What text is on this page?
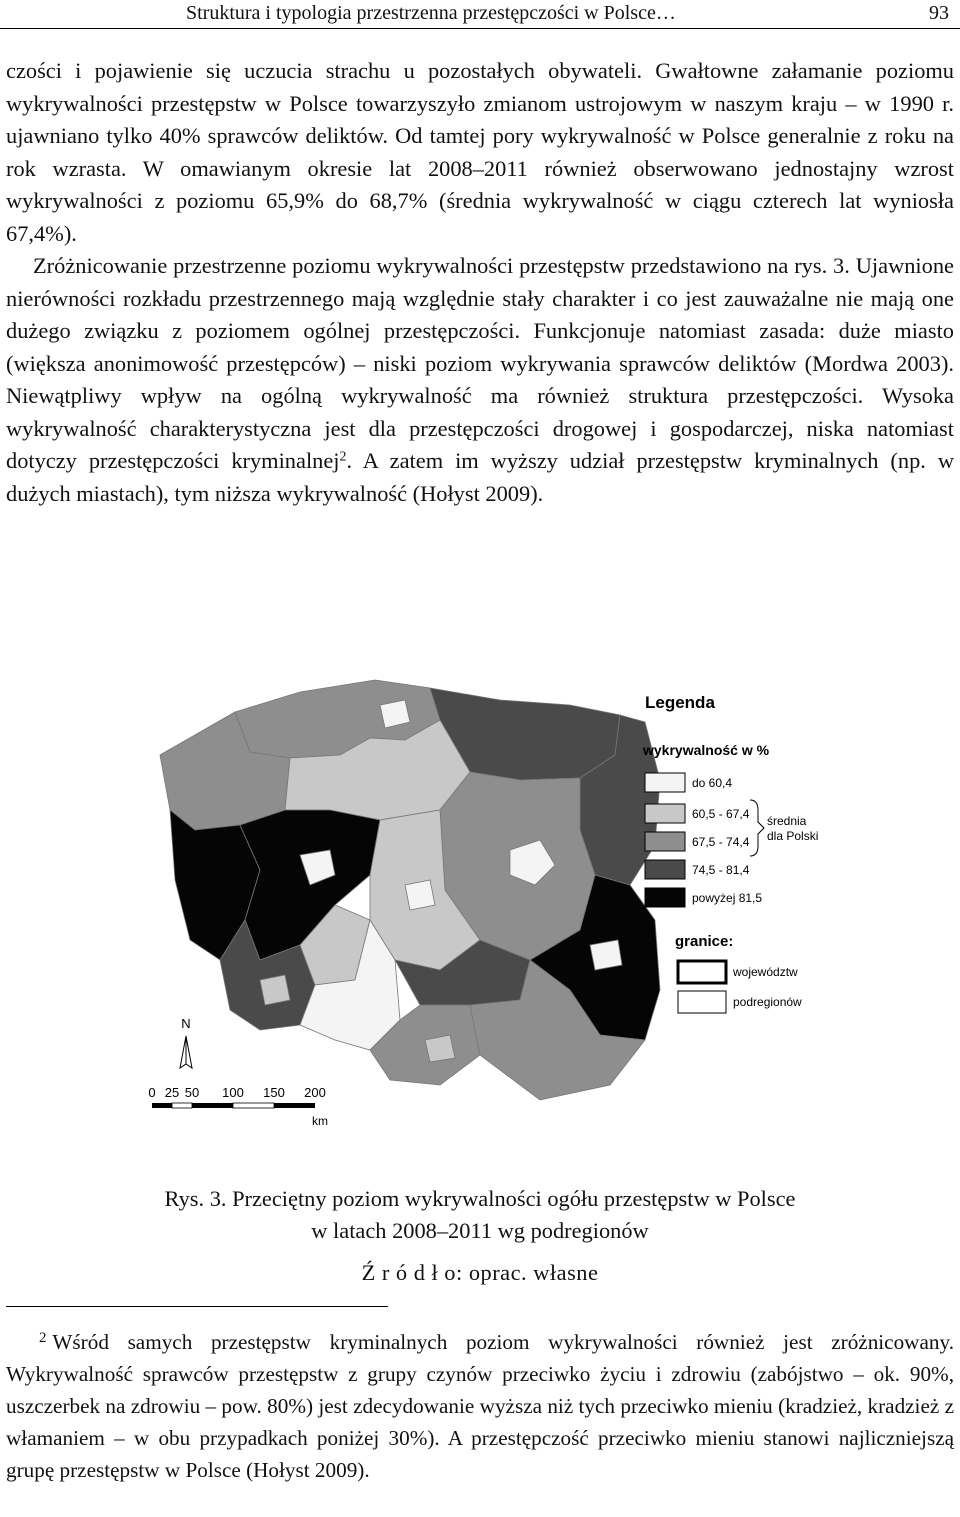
Struktura i typologia przestrzenna przestępczości w Polsce…	93

czości i pojawienie się uczucia strachu u pozostałych obywateli. Gwałtowne załamanie poziomu wykrywalności przestępstw w Polsce towarzyszyło zmianom ustrojowym w naszym kraju – w 1990 r. ujawniano tylko 40% sprawców deliktów. Od tamtej pory wykrywalność w Polsce generalnie z roku na rok wzrasta. W omawianym okresie lat 2008–2011 również obserwowano jednostajny wzrost wykrywalności z poziomu 65,9% do 68,7% (średnia wykrywalność w ciągu czterech lat wyniosła 67,4%).

Zróżnicowanie przestrzenne poziomu wykrywalności przestępstw przedstawiono na rys. 3. Ujawnione nierówności rozkładu przestrzennego mają względnie stały charakter i co jest zauważalne nie mają one dużego związku z poziomem ogólnej przestępczości. Funkcjonuje natomiast zasada: duże miasto (większa anonimowość przestępców) – niski poziom wykrywania sprawców deliktów (Mordwa 2003). Niewątpliwy wpływ na ogólną wykrywalność ma również struktura przestępczości. Wysoka wykrywalność charakterystyczna jest dla przestępczości drogowej i gospodarczej, niska natomiast dotyczy przestępczości kryminalnej$^2$. A zatem im wyższy udział przestępstw kryminalnych (np. w dużych miastach), tym niższa wykrywalność (Hołyst 2009).

Legenda
wykrywalność w %
do 60,4
60,5 - 67,4
67,5 - 74,4
74,5 - 81,4
powyżej 81,5
średnia
dla Polski
granice:
województw
podregionów
N
0 25 50 100 150 200
km
Rys. 3. Przeciętny poziom wykrywalności ogółu przestępstw w Polsce
w latach 2008–2011 wg podregionów
Ź r ó d ł o: oprac. własne
$^2$ Wśród samych przestępstw kryminalnych poziom wykrywalności również jest zróżnicowany. Wykrywalność sprawców przestępstw z grupy czynów przeciwko życiu i zdrowiu (zabójstwo – ok. 90%, uszczerbek na zdrowiu – pow. 80%) jest zdecydowanie wyższa niż tych przeciwko mieniu (kradzież, kradzież z włamaniem – w obu przypadkach poniżej 30%). A przestępczość przeciwko mieniu stanowi najliczniejszą grupę przestępstw w Polsce (Hołyst 2009).
